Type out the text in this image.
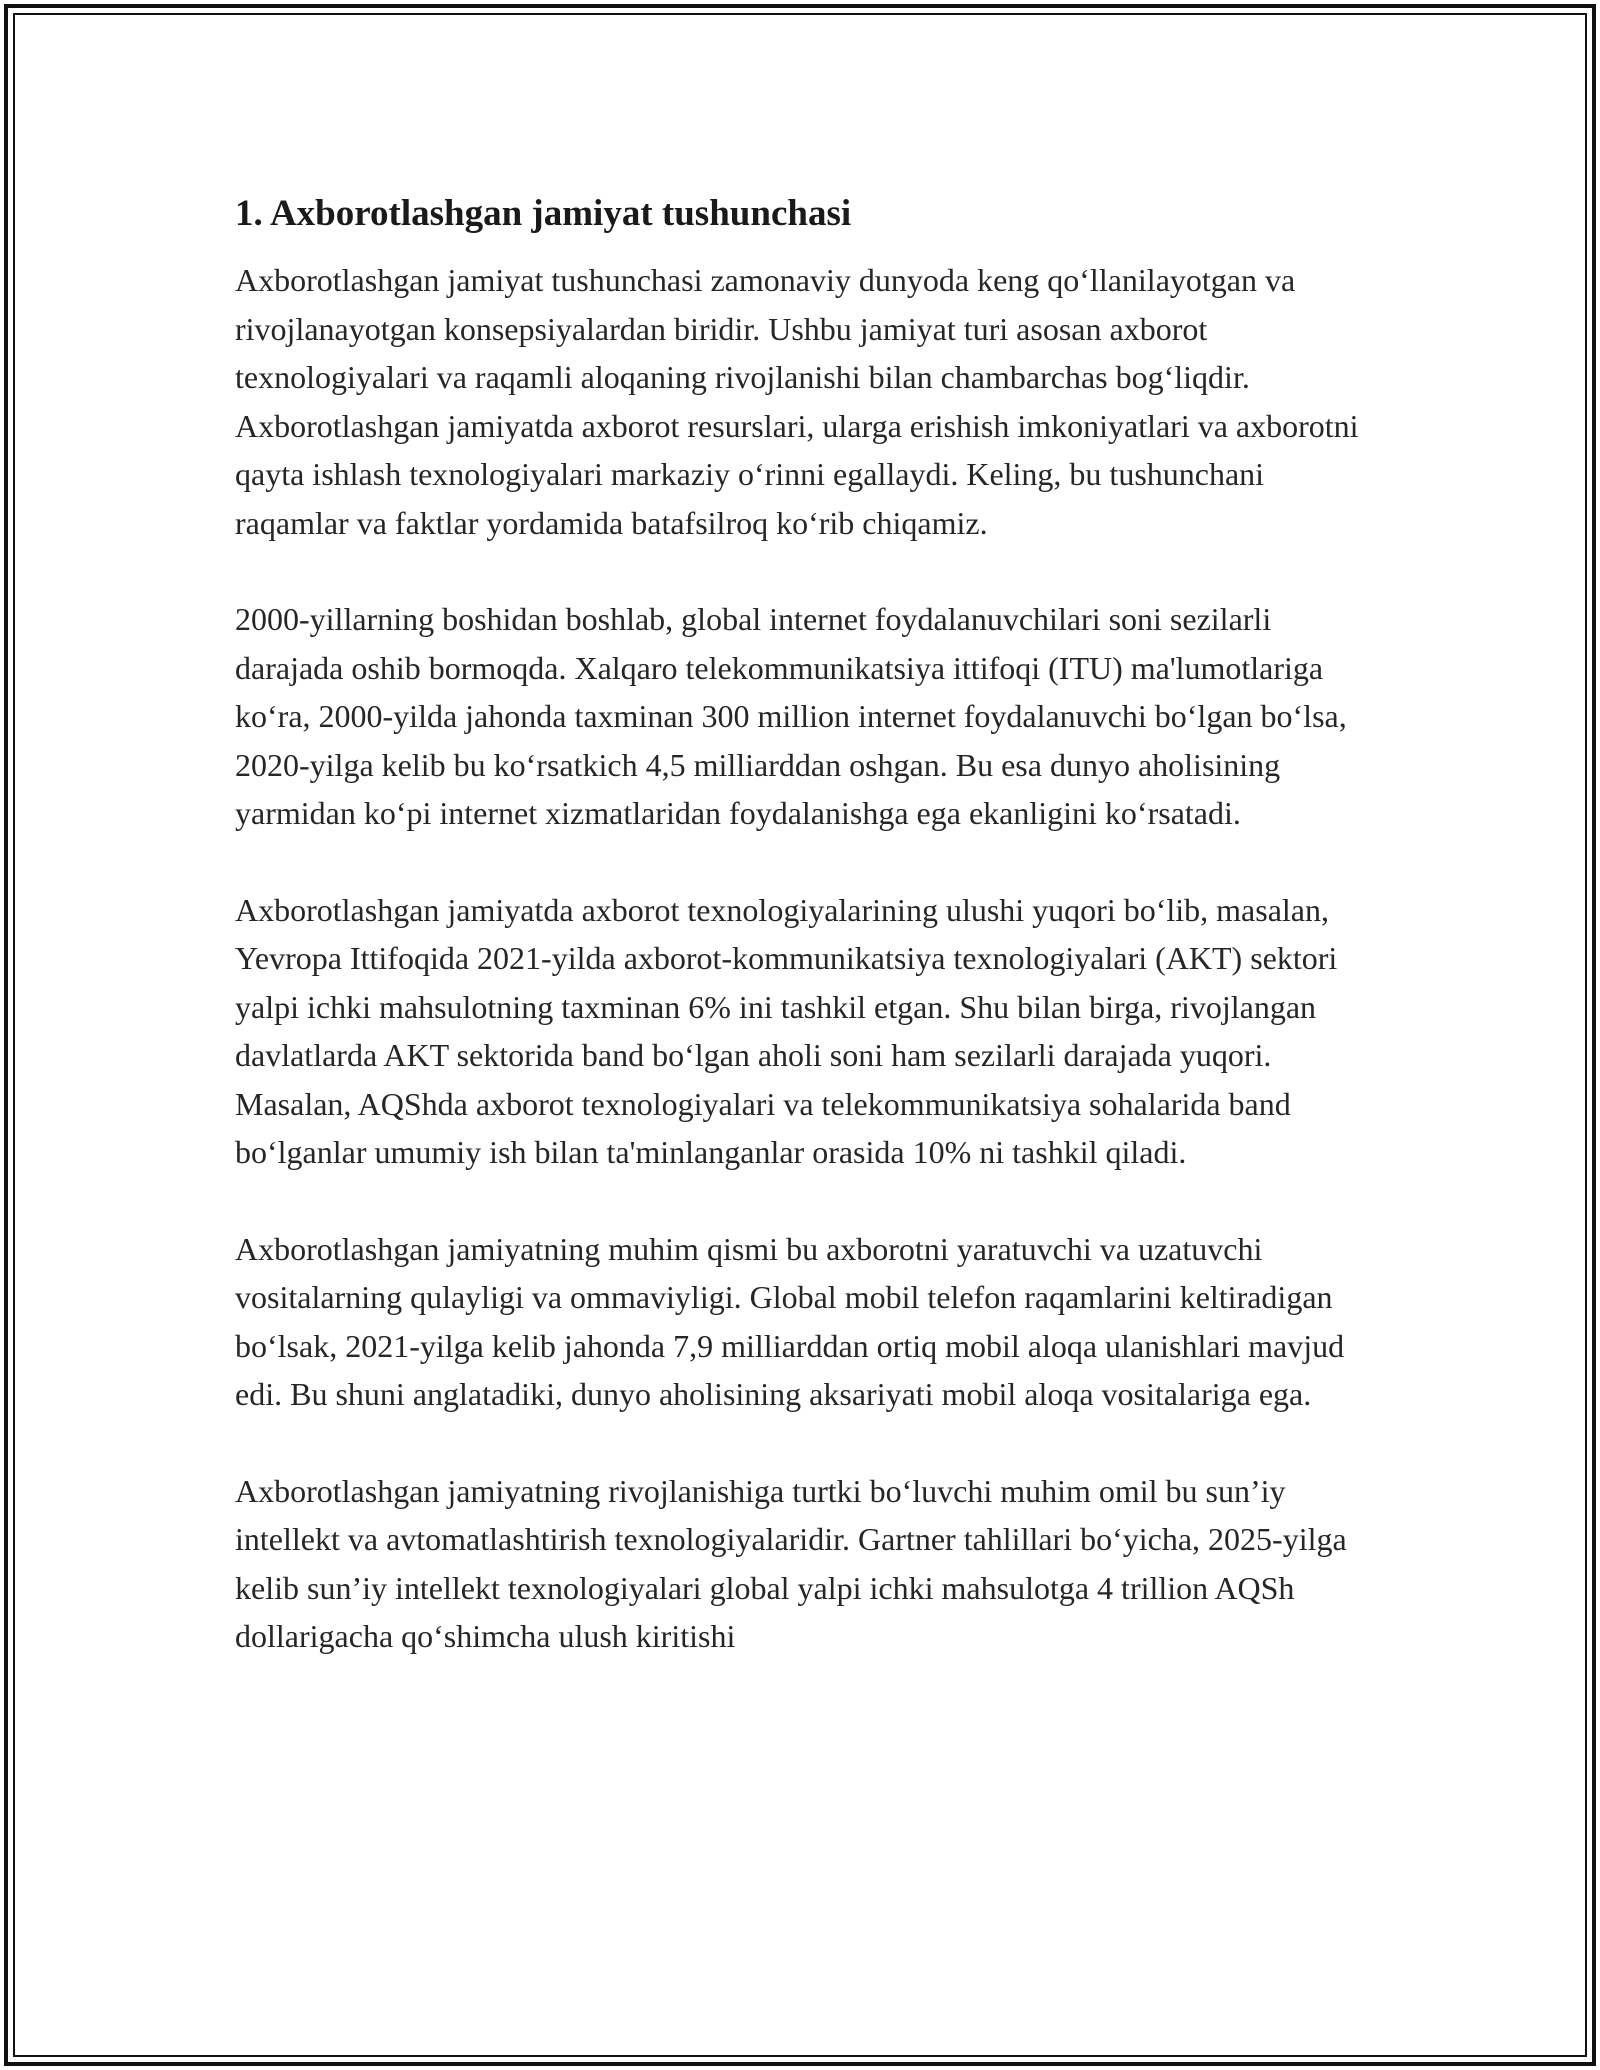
1. Axborotlashgan jamiyat tushunchasi

Axborotlashgan jamiyat tushunchasi zamonaviy dunyoda keng qo‘llanilayotgan va rivojlanayotgan konsepsiyalardan biridir. Ushbu jamiyat turi asosan axborot texnologiyalari va raqamli aloqaning rivojlanishi bilan chambarchas bog‘liqdir. Axborotlashgan jamiyatda axborot resurslari, ularga erishish imkoniyatlari va axborotni qayta ishlash texnologiyalari markaziy o‘rinni egallaydi. Keling, bu tushunchani raqamlar va faktlar yordamida batafsilroq ko‘rib chiqamiz.

2000-yillarning boshidan boshlab, global internet foydalanuvchilari soni sezilarli darajada oshib bormoqda. Xalqaro telekommunikatsiya ittifoqi (ITU) ma'lumotlariga ko‘ra, 2000-yilda jahonda taxminan 300 million internet foydalanuvchi bo‘lgan bo‘lsa, 2020-yilga kelib bu ko‘rsatkich 4,5 milliarddan oshgan. Bu esa dunyo aholisining yarmidan ko‘pi internet xizmatlaridan foydalanishga ega ekanligini ko‘rsatadi.

Axborotlashgan jamiyatda axborot texnologiyalarining ulushi yuqori bo‘lib, masalan, Yevropa Ittifoqida 2021-yilda axborot-kommunikatsiya texnologiyalari (AKT) sektori yalpi ichki mahsulotning taxminan 6% ini tashkil etgan. Shu bilan birga, rivojlangan davlatlarda AKT sektorida band bo‘lgan aholi soni ham sezilarli darajada yuqori. Masalan, AQShda axborot texnologiyalari va telekommunikatsiya sohalarida band bo‘lganlar umumiy ish bilan ta'minlanganlar orasida 10% ni tashkil qiladi.

Axborotlashgan jamiyatning muhim qismi bu axborotni yaratuvchi va uzatuvchi vositalarning qulayligi va ommaviyligi. Global mobil telefon raqamlarini keltiradigan bo‘lsak, 2021-yilga kelib jahonda 7,9 milliarddan ortiq mobil aloqa ulanishlari mavjud edi. Bu shuni anglatadiki, dunyo aholisining aksariyati mobil aloqa vositalariga ega.

Axborotlashgan jamiyatning rivojlanishiga turtki bo‘luvchi muhim omil bu sun’iy intellekt va avtomatlashtirish texnologiyalaridir. Gartner tahlillari bo‘yicha, 2025-yilga kelib sun’iy intellekt texnologiyalari global yalpi ichki mahsulotga 4 trillion AQSh dollarigacha qo‘shimcha ulush kiritishi
